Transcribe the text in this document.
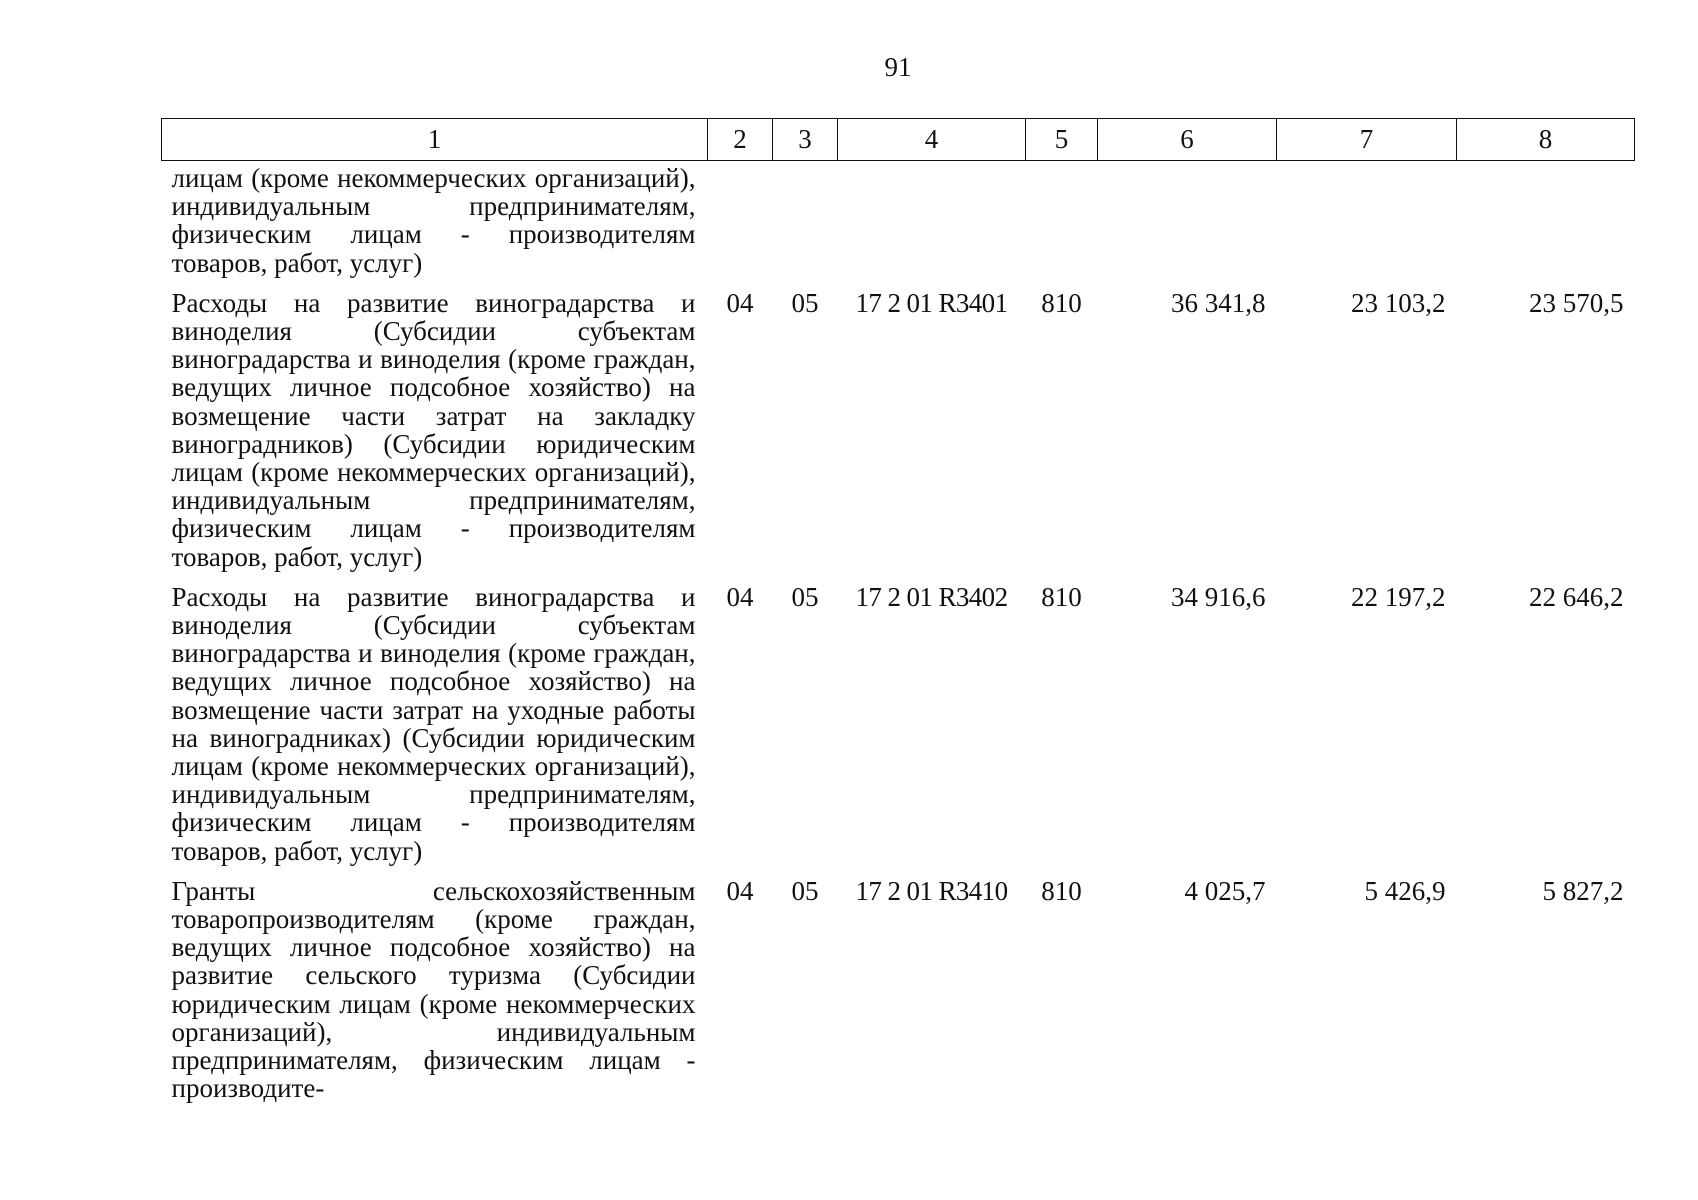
91
1	2	3	4	5	6	7	8
лицам (кроме некоммерческих организаций), индивидуальным предпринимателям, физическим лицам - производителям товаров, работ, услуг)							
Расходы на развитие виноградарства и виноделия (Субсидии субъектам виноградарства и виноделия (кроме граждан, ведущих личное подсобное хозяйство) на возмещение части затрат на закладку виноградников) (Субсидии юридическим лицам (кроме некоммерческих организаций), индивидуальным предпринимателям, физическим лицам - производителям товаров, работ, услуг)	04	05	17 2 01 R3401	810	36 341,8	23 103,2	23 570,5
Расходы на развитие виноградарства и виноделия (Субсидии субъектам виноградарства и виноделия (кроме граждан, ведущих личное подсобное хозяйство) на возмещение части затрат на уходные работы на виноградниках) (Субсидии юридическим лицам (кроме некоммерческих организаций), индивидуальным предпринимателям, физическим лицам - производителям товаров, работ, услуг)	04	05	17 2 01 R3402	810	34 916,6	22 197,2	22 646,2
Гранты сельскохозяйственным товаропроизводителям (кроме граждан, ведущих личное подсобное хозяйство) на развитие сельского туризма (Субсидии юридическим лицам (кроме некоммерческих организаций), индивидуальным предпринимателям, физическим лицам - производите-	04	05	17 2 01 R3410	810	4 025,7	5 426,9	5 827,2
